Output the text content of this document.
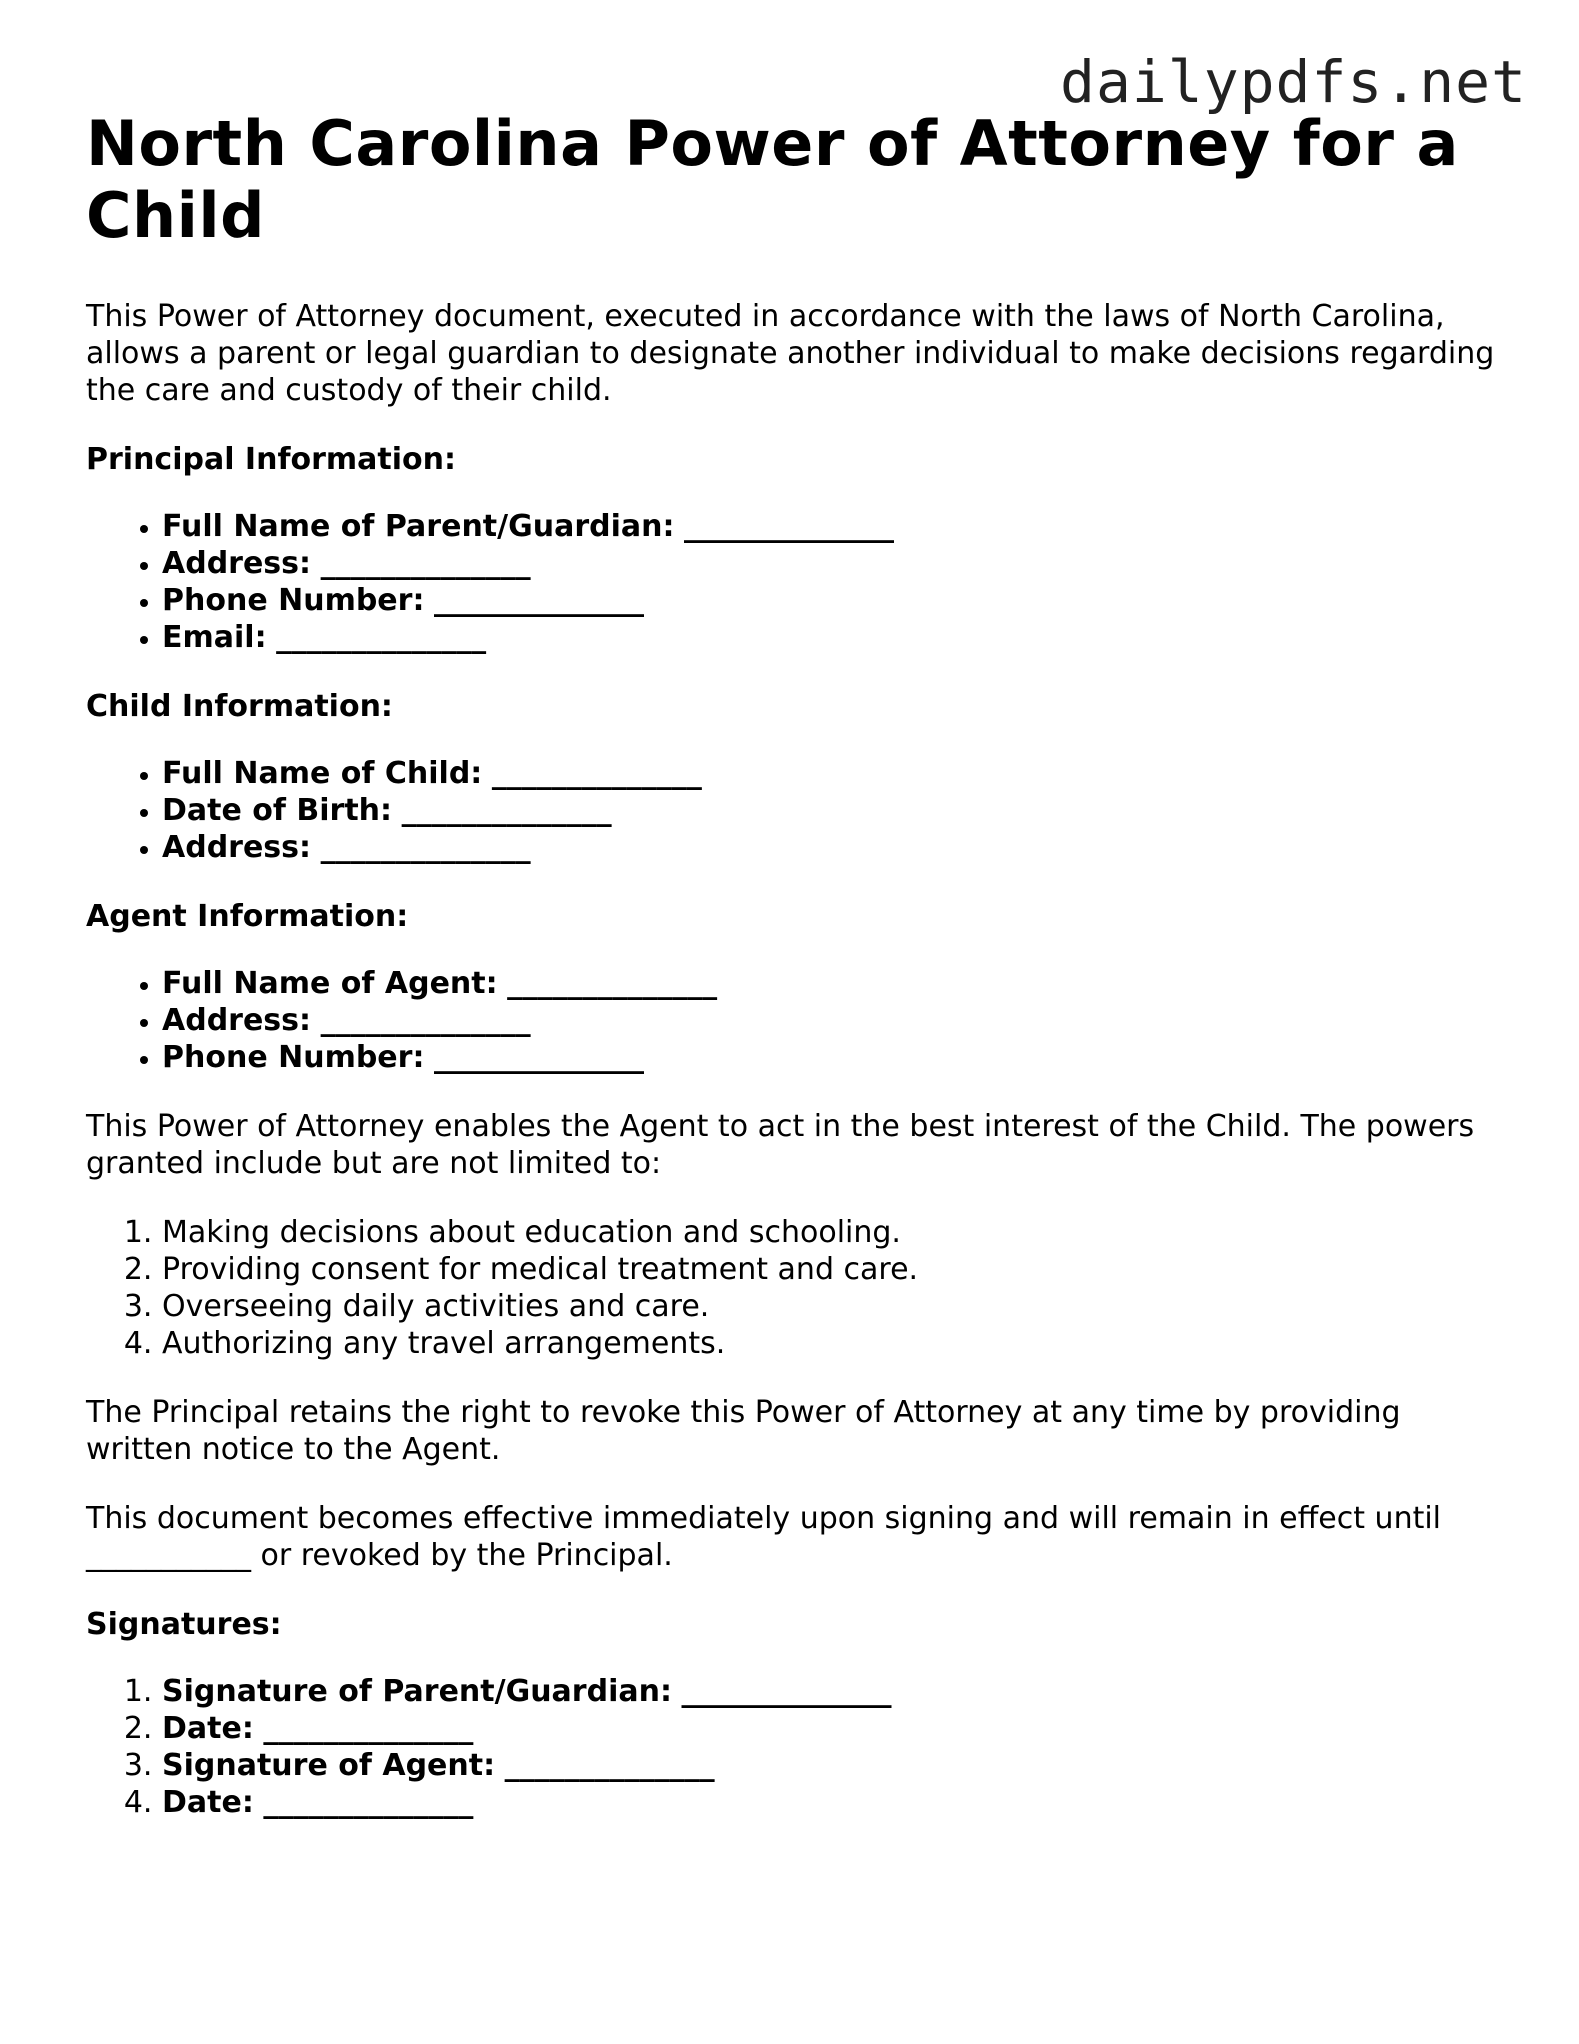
dailypdfs.net
North Carolina Power of Attorney for a Child

This Power of Attorney document, executed in accordance with the laws of North Carolina, allows a parent or legal guardian to designate another individual to make decisions regarding the care and custody of their child.

Principal Information:

• Full Name of Parent/Guardian: ______________
• Address: ______________
• Phone Number: ______________
• Email: ______________

Child Information:

• Full Name of Child: ______________
• Date of Birth: ______________
• Address: ______________

Agent Information:

• Full Name of Agent: ______________
• Address: ______________
• Phone Number: ______________

This Power of Attorney enables the Agent to act in the best interest of the Child. The powers granted include but are not limited to:

1. Making decisions about education and schooling.
2. Providing consent for medical treatment and care.
3. Overseeing daily activities and care.
4. Authorizing any travel arrangements.

The Principal retains the right to revoke this Power of Attorney at any time by providing written notice to the Agent.

This document becomes effective immediately upon signing and will remain in effect until ___________ or revoked by the Principal.

Signatures:

1. Signature of Parent/Guardian: ______________
2. Date: ______________
3. Signature of Agent: ______________
4. Date: ______________
